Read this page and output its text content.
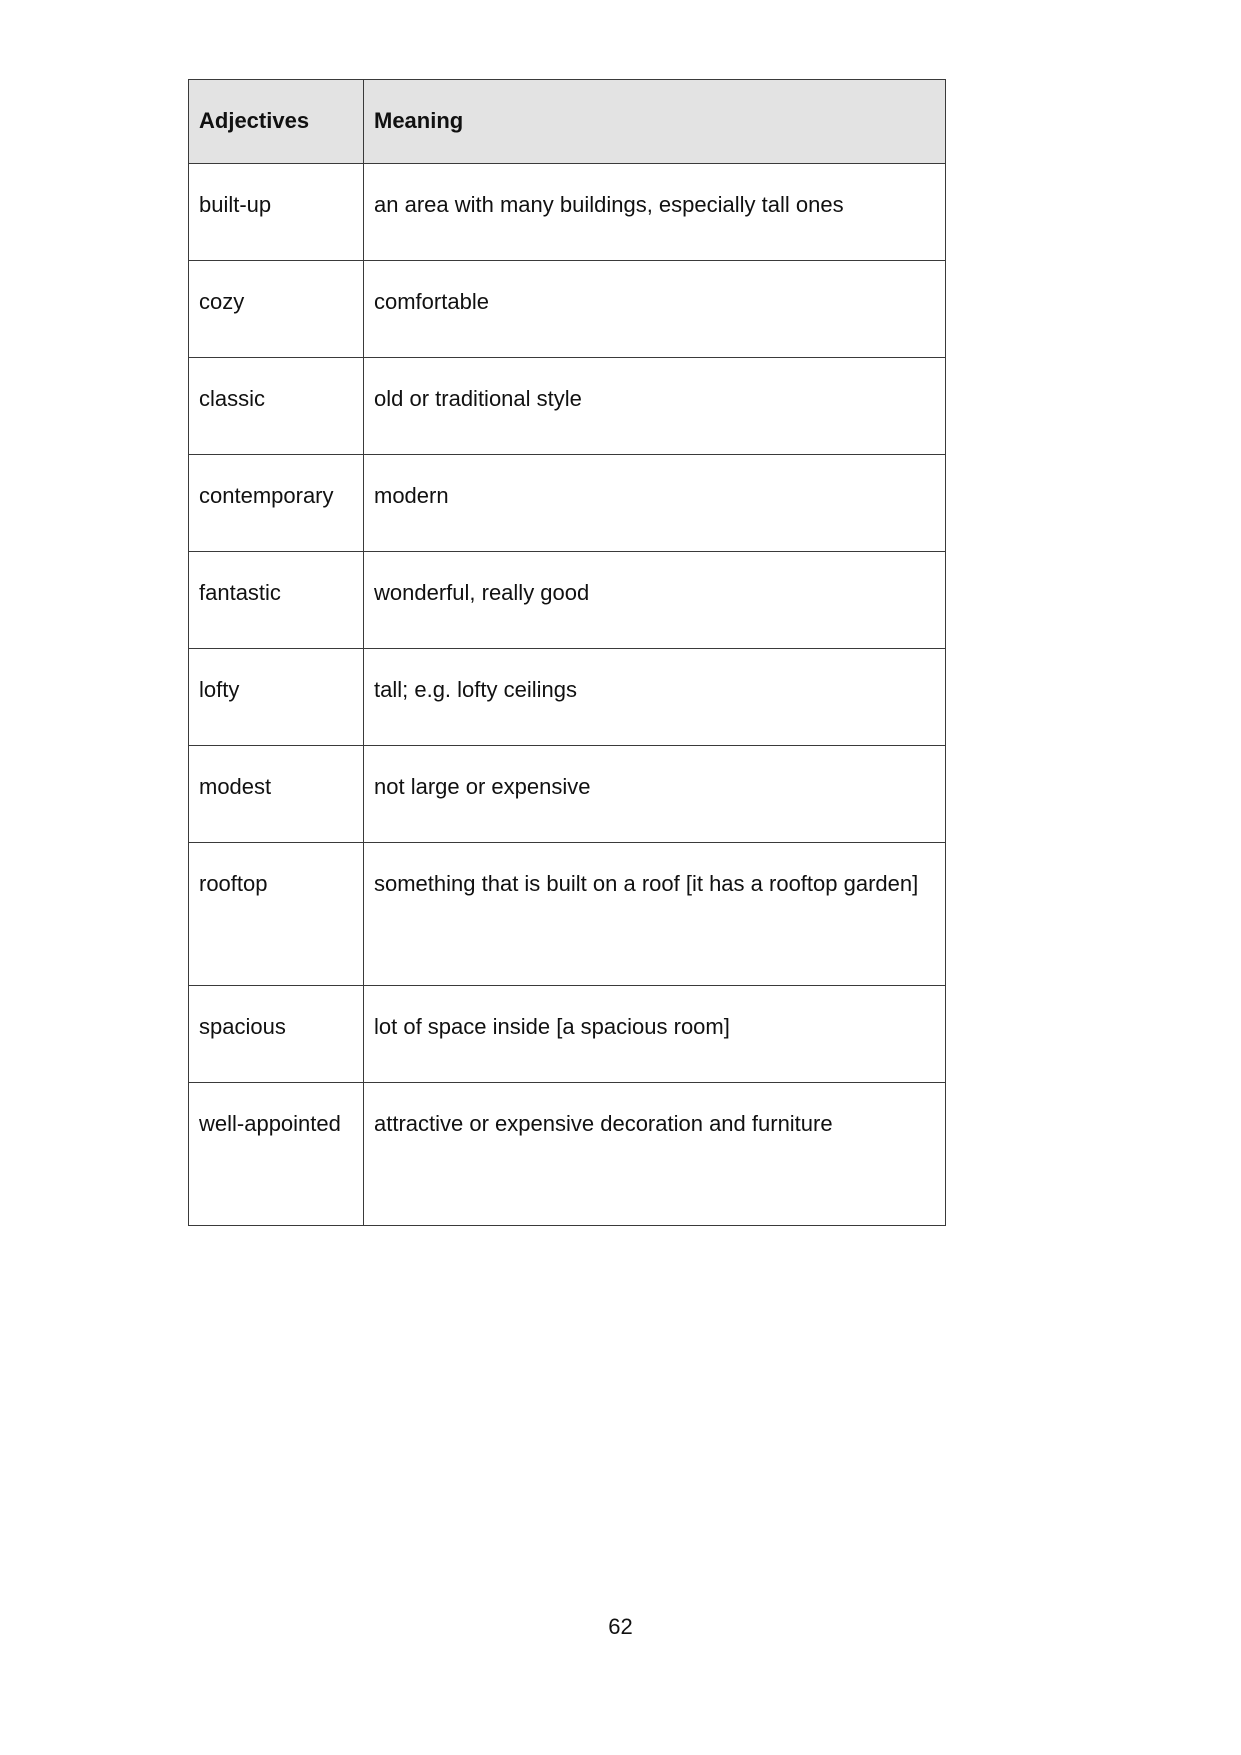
Adjectives	Meaning
built-up	an area with many buildings, especially tall ones
cozy	comfortable
classic	old or traditional style
contemporary	modern
fantastic	wonderful, really good
lofty	tall; e.g. lofty ceilings
modest	not large or expensive
rooftop	something that is built on a roof [it has a rooftop garden]
spacious	lot of space inside [a spacious room]
well-appointed	attractive or expensive decoration and furniture
62
